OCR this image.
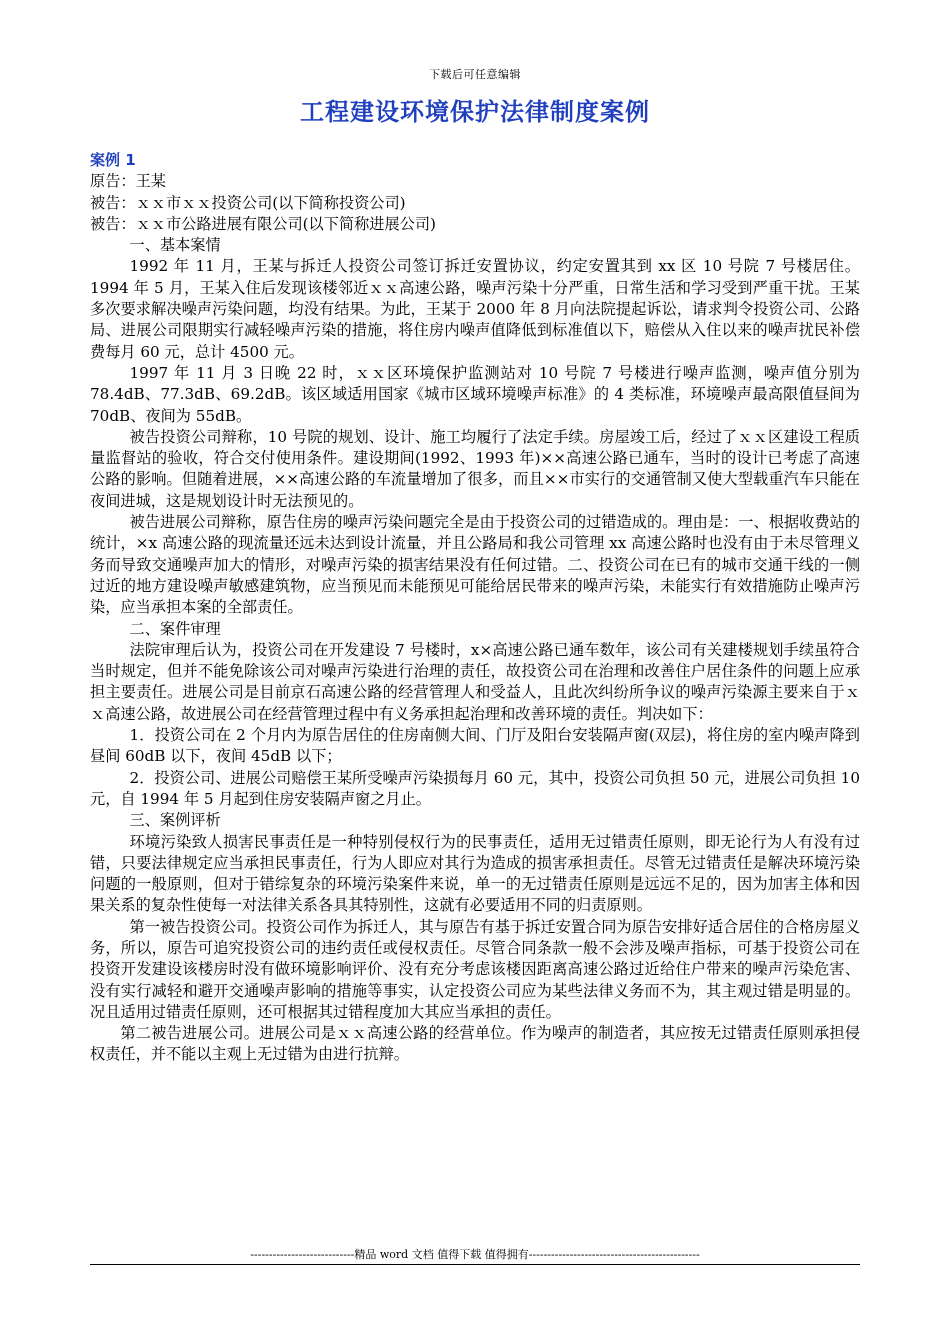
下载后可任意编辑
工程建设环境保护法律制度案例

案例 1

原告：王某

被告：ｘｘ市ｘｘ投资公司(以下简称投资公司)

被告：ｘｘ市公路进展有限公司(以下简称进展公司)

一、基本案情

1992 年 11 月，王某与拆迁人投资公司签订拆迁安置协议，约定安置其到 xx 区 10 号院 7 号楼居住。1994 年 5 月，王某入住后发现该楼邻近ｘｘ高速公路，噪声污染十分严重，日常生活和学习受到严重干扰。王某多次要求解决噪声污染问题，均没有结果。为此，王某于 2000 年 8 月向法院提起诉讼，请求判令投资公司、公路局、进展公司限期实行减轻噪声污染的措施，将住房内噪声值降低到标准值以下，赔偿从入住以来的噪声扰民补偿费每月 60 元，总计 4500 元。

1997 年 11 月 3 日晚 22 时，ｘｘ区环境保护监测站对 10 号院 7 号楼进行噪声监测，噪声值分别为 78.4dB、77.3dB、69.2dB。该区域适用国家《城市区域环境噪声标准》的 4 类标准，环境噪声最高限值昼间为 70dB、夜间为 55dB。

被告投资公司辩称，10 号院的规划、设计、施工均履行了法定手续。房屋竣工后，经过了ｘｘ区建设工程质量监督站的验收，符合交付使用条件。建设期间(1992、1993 年)××高速公路已通车，当时的设计已考虑了高速公路的影响。但随着进展，××高速公路的车流量增加了很多，而且××市实行的交通管制又使大型载重汽车只能在夜间进城，这是规划设计时无法预见的。

被告进展公司辩称，原告住房的噪声污染问题完全是由于投资公司的过错造成的。理由是：一、根据收费站的统计，×x 高速公路的现流量还远未达到设计流量，并且公路局和我公司管理 xx 高速公路时也没有由于未尽管理义务而导致交通噪声加大的情形，对噪声污染的损害结果没有任何过错。二、投资公司在已有的城市交通干线的一侧过近的地方建设噪声敏感建筑物，应当预见而未能预见可能给居民带来的噪声污染，未能实行有效措施防止噪声污染，应当承担本案的全部责任。

二、案件审理

法院审理后认为，投资公司在开发建设 7 号楼时，x×高速公路已通车数年，该公司有关建楼规划手续虽符合当时规定，但并不能免除该公司对噪声污染进行治理的责任，故投资公司在治理和改善住户居住条件的问题上应承担主要责任。进展公司是目前京石高速公路的经营管理人和受益人，且此次纠纷所争议的噪声污染源主要来自于ｘｘ高速公路，故进展公司在经营管理过程中有义务承担起治理和改善环境的责任。判决如下：

1．投资公司在 2 个月内为原告居住的住房南侧大间、门厅及阳台安装隔声窗(双层)，将住房的室内噪声降到昼间 60dB 以下，夜间 45dB 以下；

2．投资公司、进展公司赔偿王某所受噪声污染损每月 60 元，其中，投资公司负担 50 元，进展公司负担 10 元，自 1994 年 5 月起到住房安装隔声窗之月止。

三、案例评析

环境污染致人损害民事责任是一种特别侵权行为的民事责任，适用无过错责任原则，即无论行为人有没有过错，只要法律规定应当承担民事责任，行为人即应对其行为造成的损害承担责任。尽管无过错责任是解决环境污染问题的一般原则，但对于错综复杂的环境污染案件来说，单一的无过错责任原则是远远不足的，因为加害主体和因果关系的复杂性使每一对法律关系各具其特别性，这就有必要适用不同的归责原则。

第一被告投资公司。投资公司作为拆迁人，其与原告有基于拆迁安置合同为原告安排好适合居住的合格房屋义务，所以，原告可追究投资公司的违约责任或侵权责任。尽管合同条款一般不会涉及噪声指标，可基于投资公司在投资开发建设该楼房时没有做环境影响评价、没有充分考虑该楼因距离高速公路过近给住户带来的噪声污染危害、没有实行减轻和避开交通噪声影响的措施等事实，认定投资公司应为某些法律义务而不为，其主观过错是明显的。况且适用过错责任原则，还可根据其过错程度加大其应当承担的责任。

第二被告进展公司。进展公司是ｘｘ高速公路的经营单位。作为噪声的制造者，其应按无过错责任原则承担侵权责任，并不能以主观上无过错为由进行抗辩。

----------------------------精品 word 文档 值得下载 值得拥有----------------------------------------------
